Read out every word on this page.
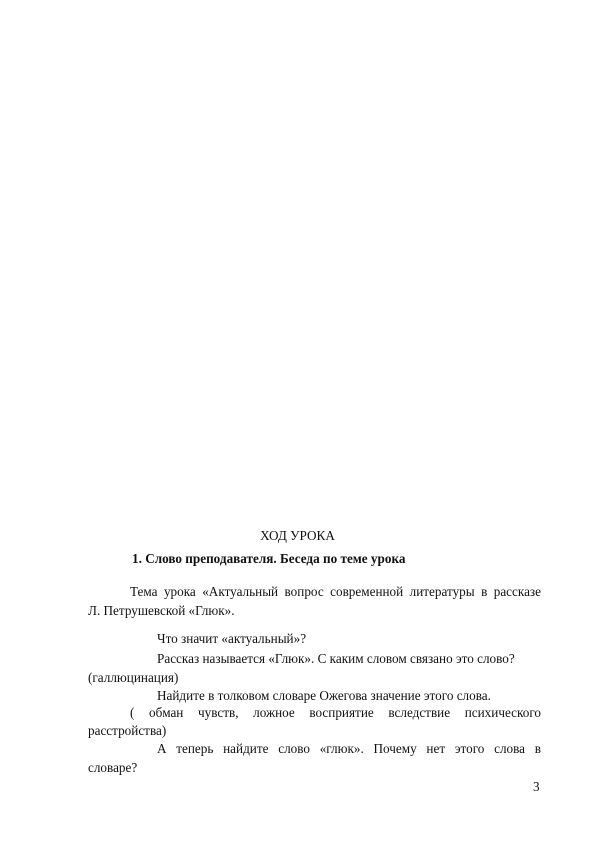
ХОД УРОКА
1. Слово преподавателя. Беседа по теме урока
Тема урока «Актуальный вопрос современной литературы в рассказе
Л. Петрушевской «Глюк».
Что значит «актуальный»?
Рассказ называется «Глюк». С каким словом связано это слово?
(галлюцинация)
Найдите в толковом словаре Ожегова значение этого слова.
( обман чувств, ложное восприятие вследствие психического
расстройства)
А теперь найдите слово «глюк». Почему нет этого слова в
словаре?
3
